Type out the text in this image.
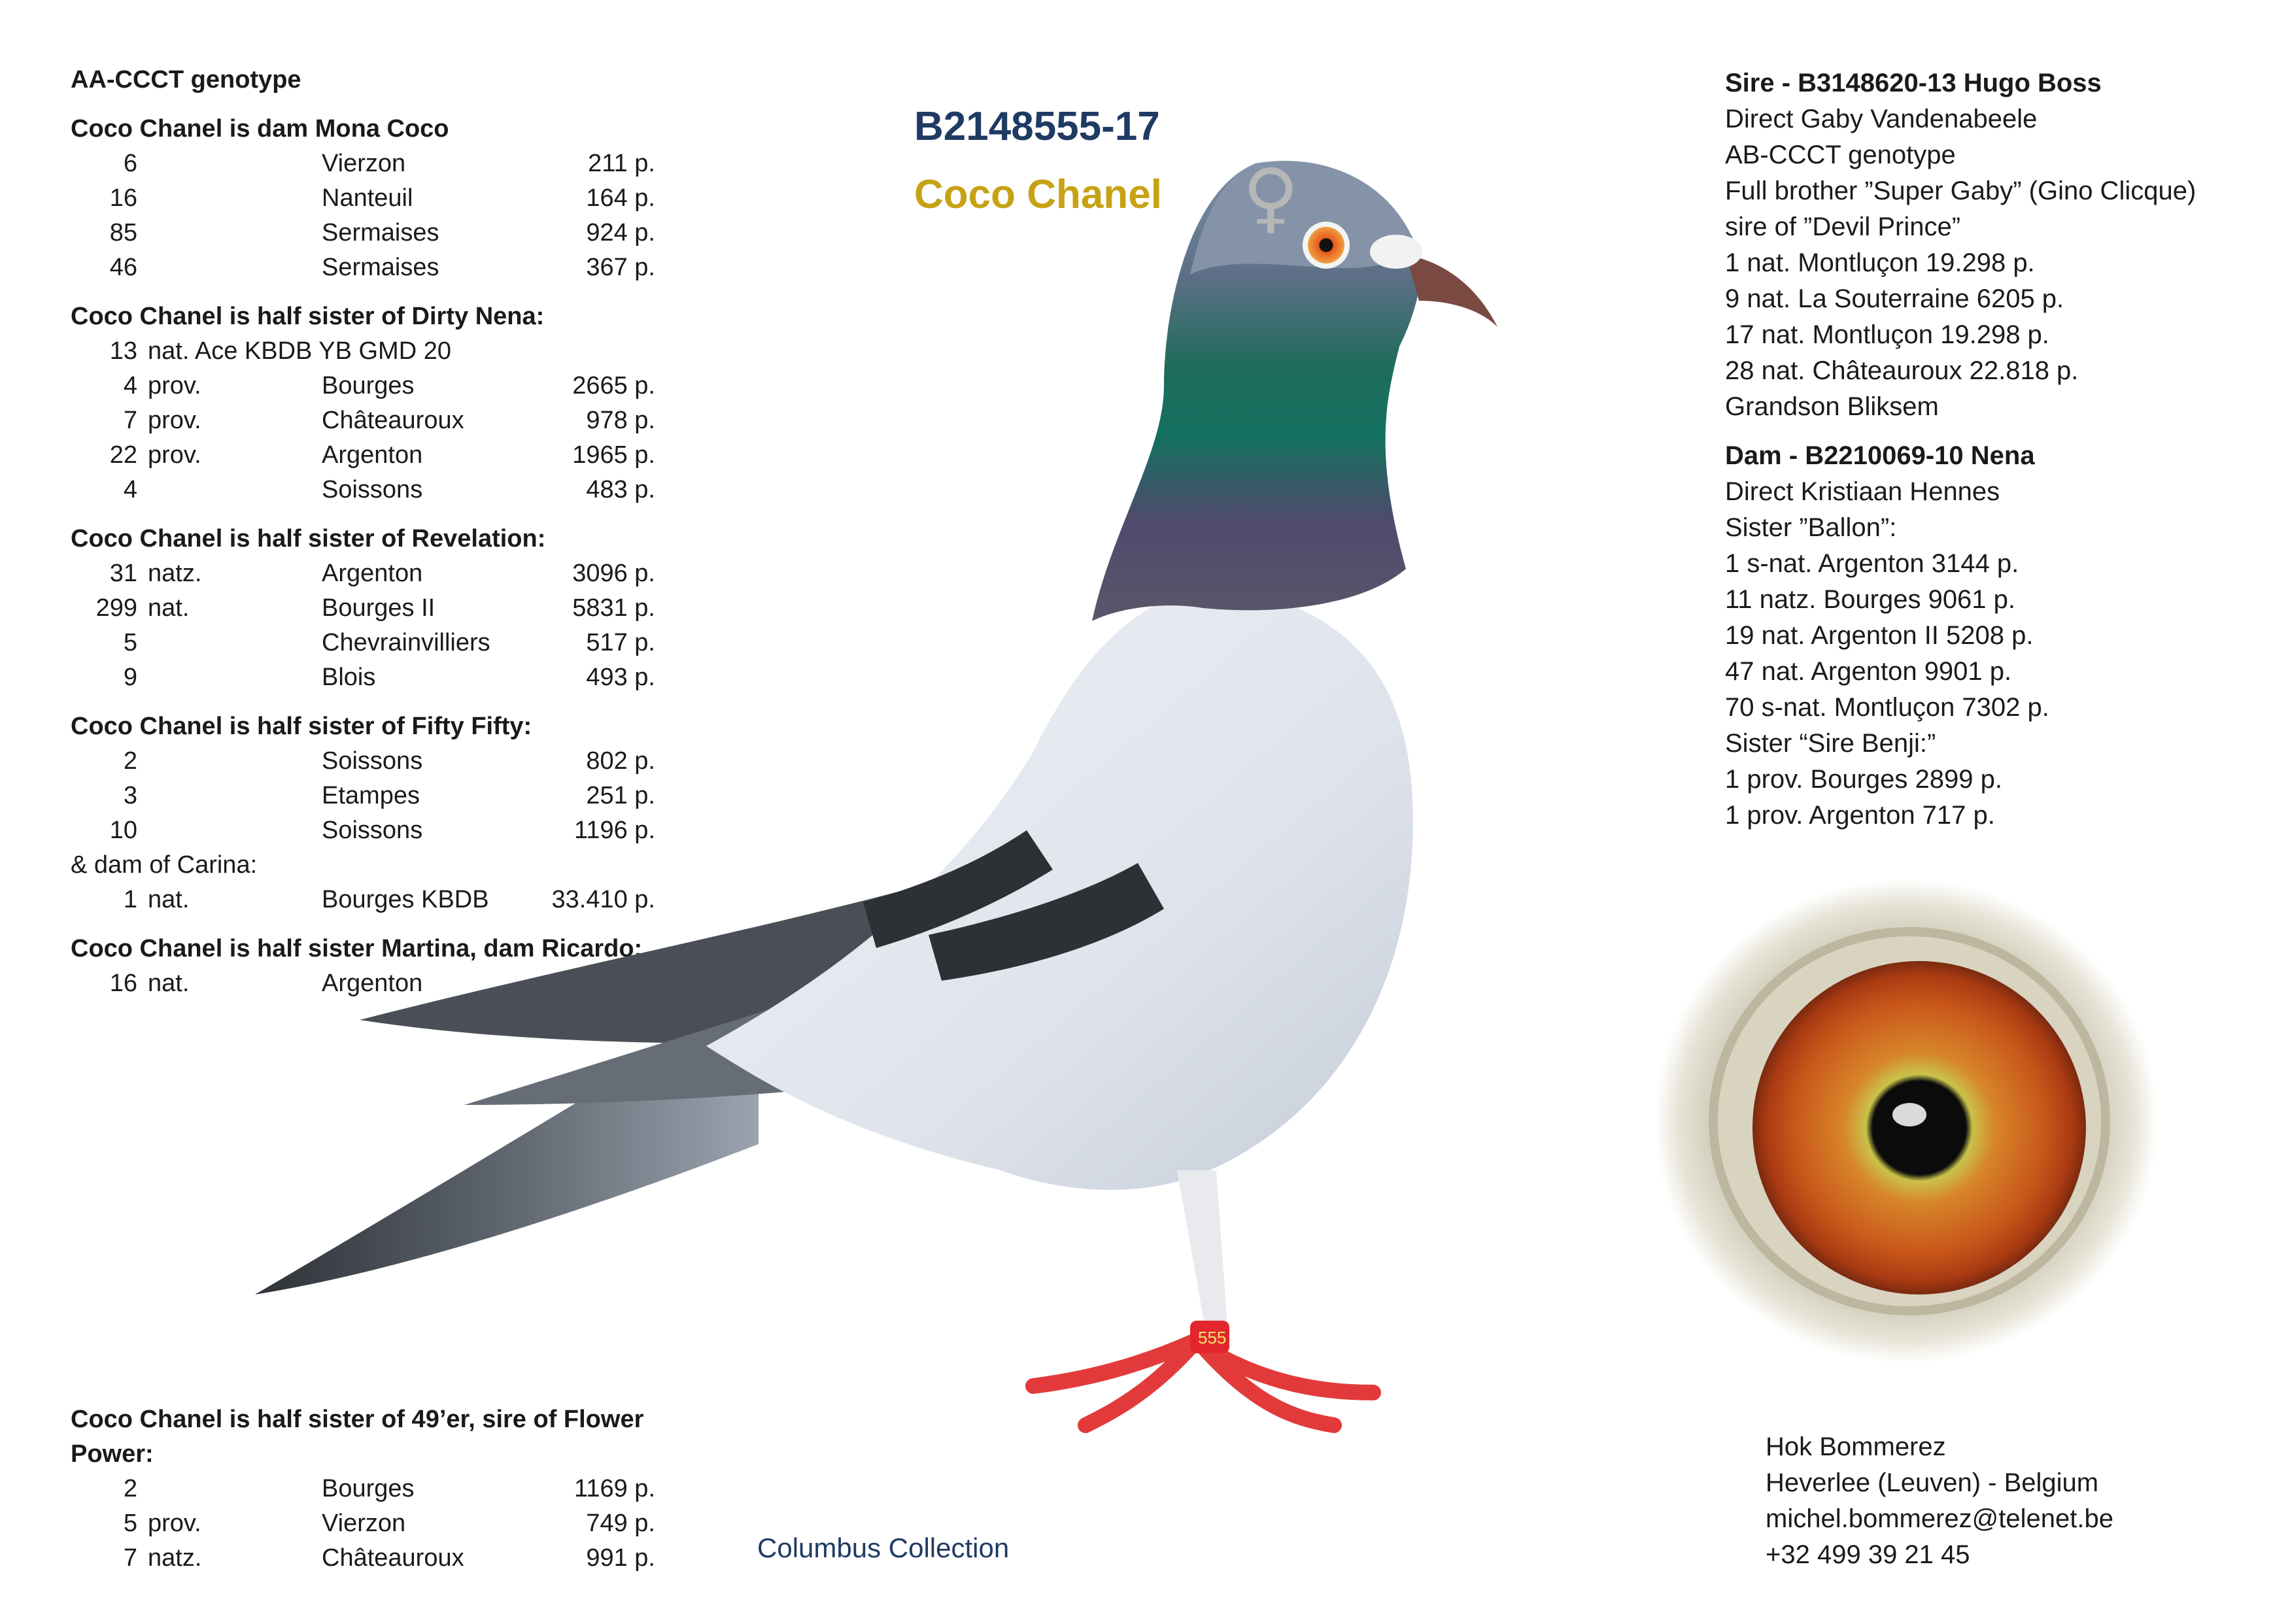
AA-CCCT genotype
Coco Chanel is dam Mona Coco
6	Vierzon	211 p.
16	Nanteuil	164 p.
85	Sermaises	924 p.
46	Sermaises	367 p.
Coco Chanel is half sister of Dirty Nena:
13 nat. Ace KBDB YB GMD 20
4 prov.	Bourges	2665 p.
7 prov.	Châteauroux	978 p.
22 prov.	Argenton	1965 p.
4	Soissons	483 p.
Coco Chanel is half sister of Revelation:
31 natz.	Argenton	3096 p.
299 nat.	Bourges II	5831 p.
5	Chevrainvilliers	517 p.
9	Blois	493 p.
Coco Chanel is half sister of Fifty Fifty:
2	Soissons	802 p.
3	Etampes	251 p.
10	Soissons	1196 p.
& dam of Carina:
1 nat.	Bourges KBDB	33.410 p.
Coco Chanel is half sister Martina, dam Ricardo:
16 nat.	Argenton
Coco Chanel is half sister of 49’er, sire of Flower Power:
2	Bourges	1169 p.
5 prov.	Vierzon	749 p.
7 natz.	Châteauroux	991 p.
555
B2148555-17
Coco Chanel ♀
Columbus Collection
Sire - B3148620-13 Hugo Boss
Direct Gaby Vandenabeele
AB-CCCT genotype
Full brother ”Super Gaby” (Gino Clicque)
sire of ”Devil Prince”
1 nat. Montluçon 19.298 p.
9 nat. La Souterraine 6205 p.
17 nat. Montluçon 19.298 p.
28 nat. Châteauroux 22.818 p.
Grandson Bliksem
Dam - B2210069-10 Nena
Direct Kristiaan Hennes
Sister ”Ballon”:
1 s-nat. Argenton 3144 p.
11 natz. Bourges 9061 p.
19 nat. Argenton II 5208 p.
47 nat. Argenton 9901 p.
70 s-nat. Montluçon 7302 p.
Sister “Sire Benji:”
1 prov. Bourges 2899 p.
1 prov. Argenton 717 p.
Hok Bommerez
Heverlee (Leuven) - Belgium
michel.bommerez@telenet.be
+32 499 39 21 45
